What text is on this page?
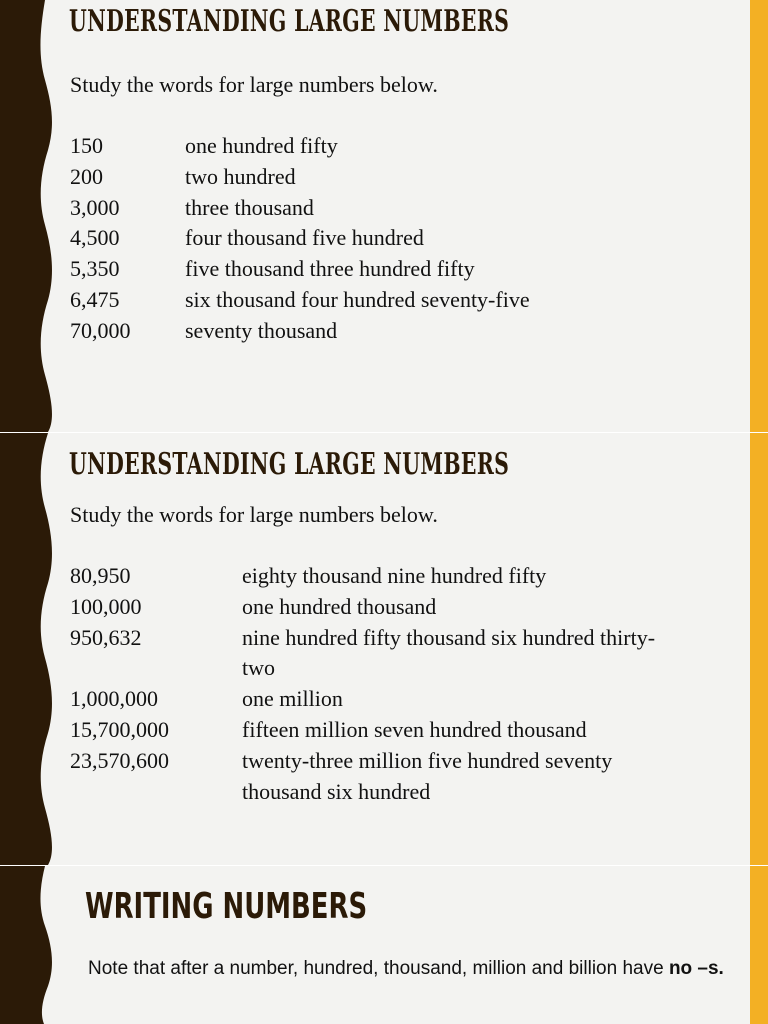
UNDERSTANDING LARGE NUMBERS
Study the words for large numbers below.
150	one hundred fifty
200	two hundred
3,000	three thousand
4,500	four thousand five hundred
5,350	five thousand three hundred fifty
6,475	six thousand four hundred seventy-five
70,000	seventy thousand
UNDERSTANDING LARGE NUMBERS
Study the words for large numbers below.
80,950	eighty thousand nine hundred fifty
100,000	one hundred thousand
950,632	nine hundred fifty thousand six hundred thirty-two
1,000,000	one million
15,700,000	fifteen million seven hundred thousand
23,570,600	twenty-three million five hundred seventy thousand six hundred
WRITING NUMBERS
Note that after a number, hundred, thousand, million and billion have no –s.
